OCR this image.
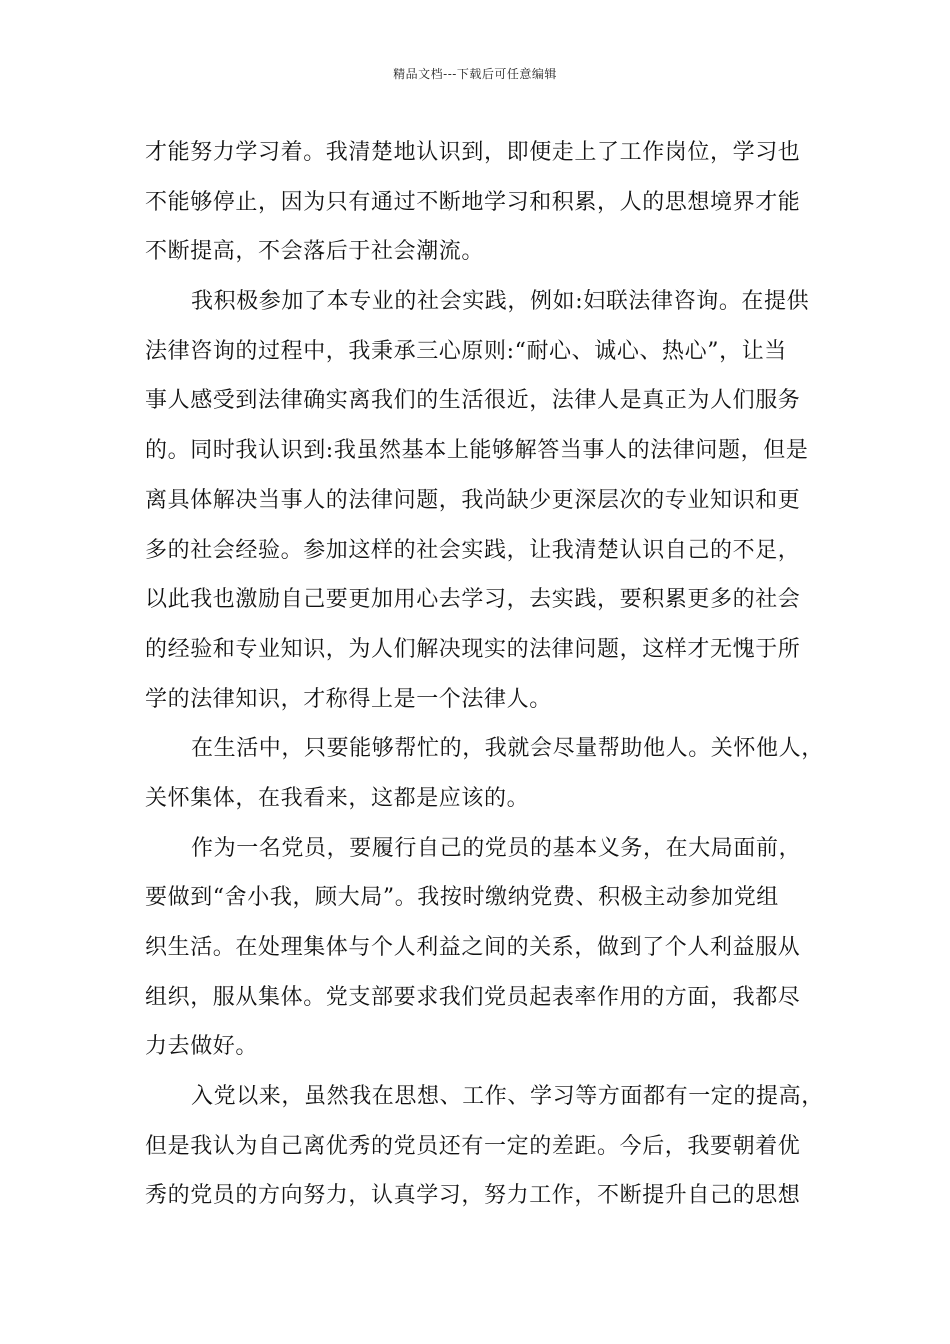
精品文档---下载后可任意编辑
才能努力学习着。我清楚地认识到，即便走上了工作岗位，学习也
不能够停止，因为只有通过不断地学习和积累，人的思想境界才能
不断提高，不会落后于社会潮流。
我积极参加了本专业的社会实践，例如:妇联法律咨询。在提供
法律咨询的过程中，我秉承三心原则:“耐心、诚心、热心”，让当
事人感受到法律确实离我们的生活很近，法律人是真正为人们服务
的。同时我认识到:我虽然基本上能够解答当事人的法律问题，但是
离具体解决当事人的法律问题，我尚缺少更深层次的专业知识和更
多的社会经验。参加这样的社会实践，让我清楚认识自己的不足，
以此我也激励自己要更加用心去学习，去实践，要积累更多的社会
的经验和专业知识，为人们解决现实的法律问题，这样才无愧于所
学的法律知识，才称得上是一个法律人。
在生活中，只要能够帮忙的，我就会尽量帮助他人。关怀他人，
关怀集体，在我看来，这都是应该的。
作为一名党员，要履行自己的党员的基本义务，在大局面前，
要做到“舍小我，顾大局”。我按时缴纳党费、积极主动参加党组
织生活。在处理集体与个人利益之间的关系，做到了个人利益服从
组织，服从集体。党支部要求我们党员起表率作用的方面，我都尽
力去做好。
入党以来，虽然我在思想、工作、学习等方面都有一定的提高，
但是我认为自己离优秀的党员还有一定的差距。今后，我要朝着优
秀的党员的方向努力，认真学习，努力工作，不断提升自己的思想
